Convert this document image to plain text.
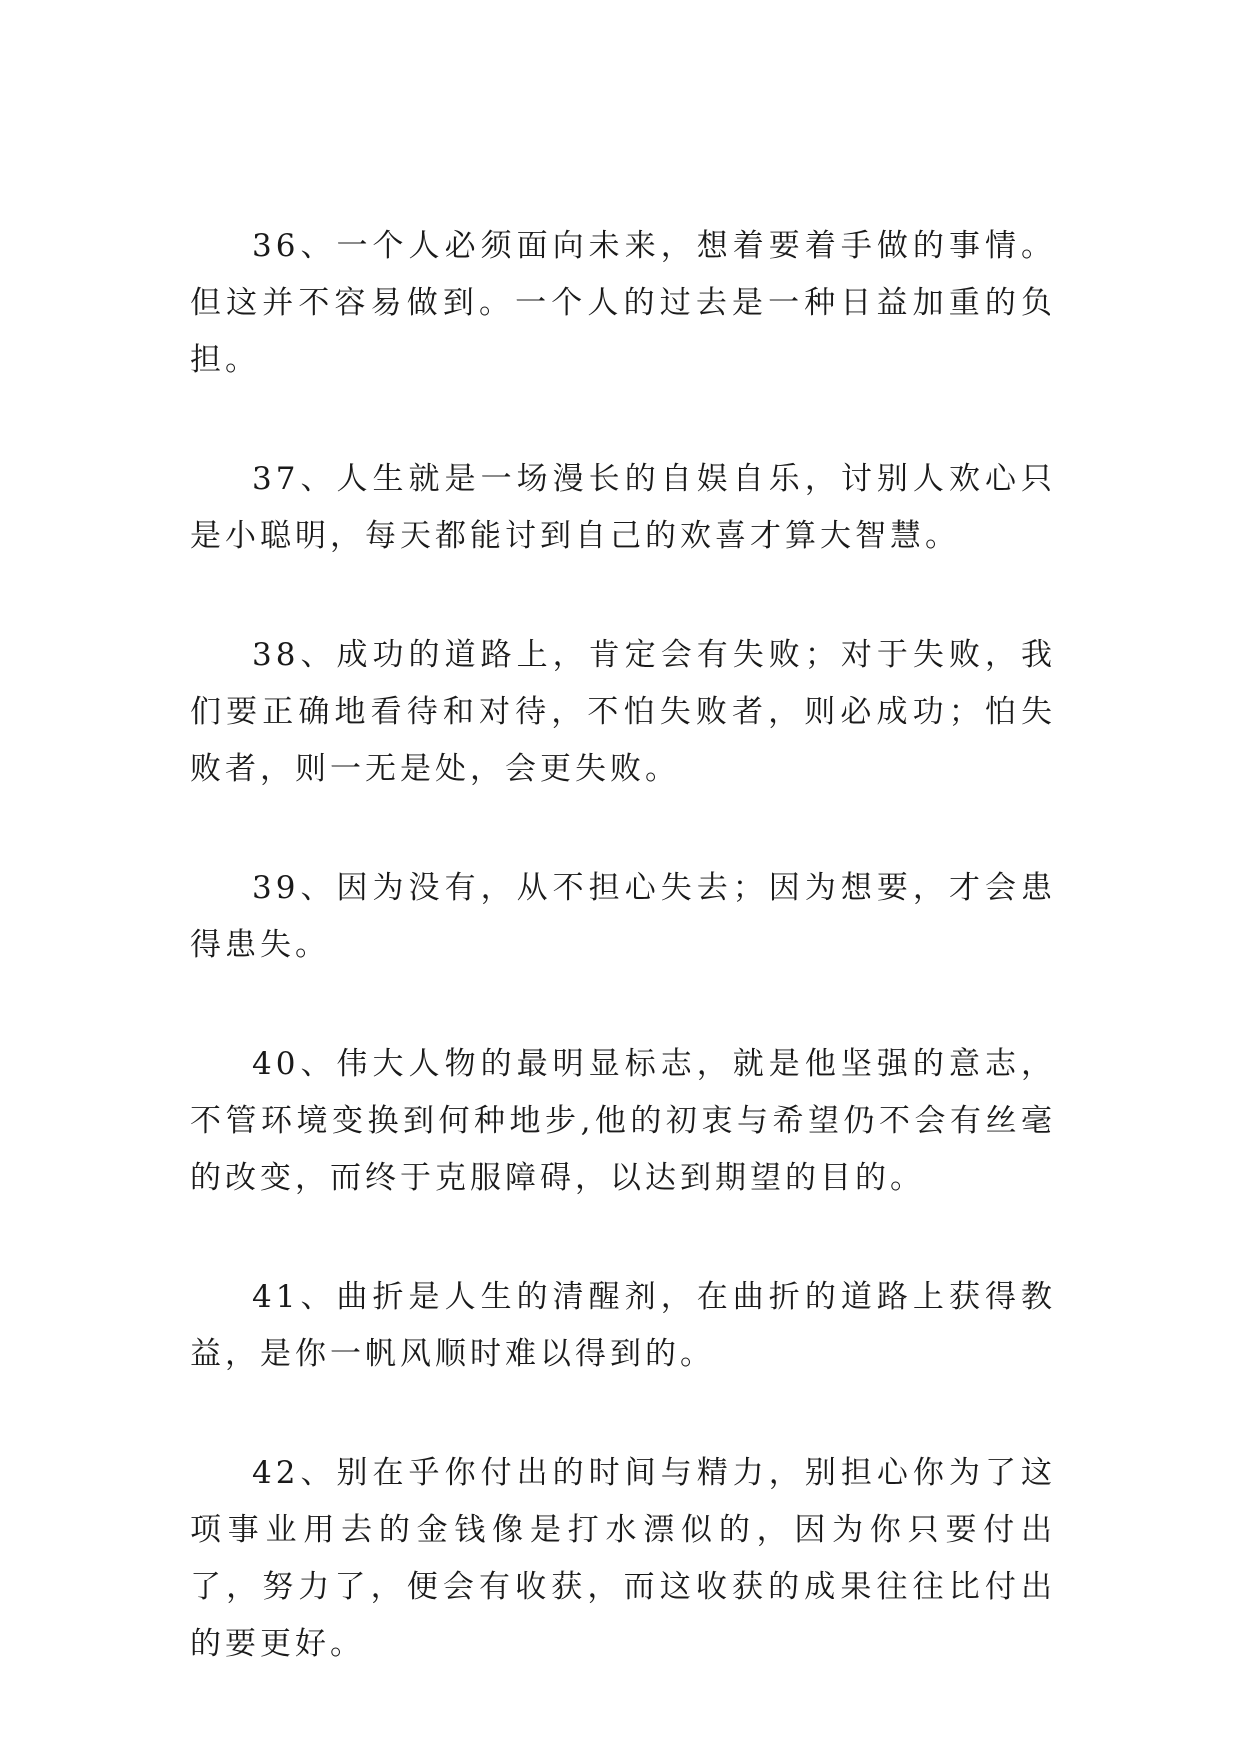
36、一个人必须面向未来，想着要着手做的事情。但这并不容易做到。一个人的过去是一种日益加重的负担。

37、人生就是一场漫长的自娱自乐，讨别人欢心只是小聪明，每天都能讨到自己的欢喜才算大智慧。

38、成功的道路上，肯定会有失败；对于失败，我们要正确地看待和对待，不怕失败者，则必成功；怕失败者，则一无是处，会更失败。

39、因为没有，从不担心失去；因为想要，才会患得患失。

40、伟大人物的最明显标志，就是他坚强的意志，不管环境变换到何种地步,他的初衷与希望仍不会有丝毫的改变，而终于克服障碍，以达到期望的目的。

41、曲折是人生的清醒剂，在曲折的道路上获得教益，是你一帆风顺时难以得到的。

42、别在乎你付出的时间与精力，别担心你为了这项事业用去的金钱像是打水漂似的，因为你只要付出了，努力了，便会有收获，而这收获的成果往往比付出的要更好。
